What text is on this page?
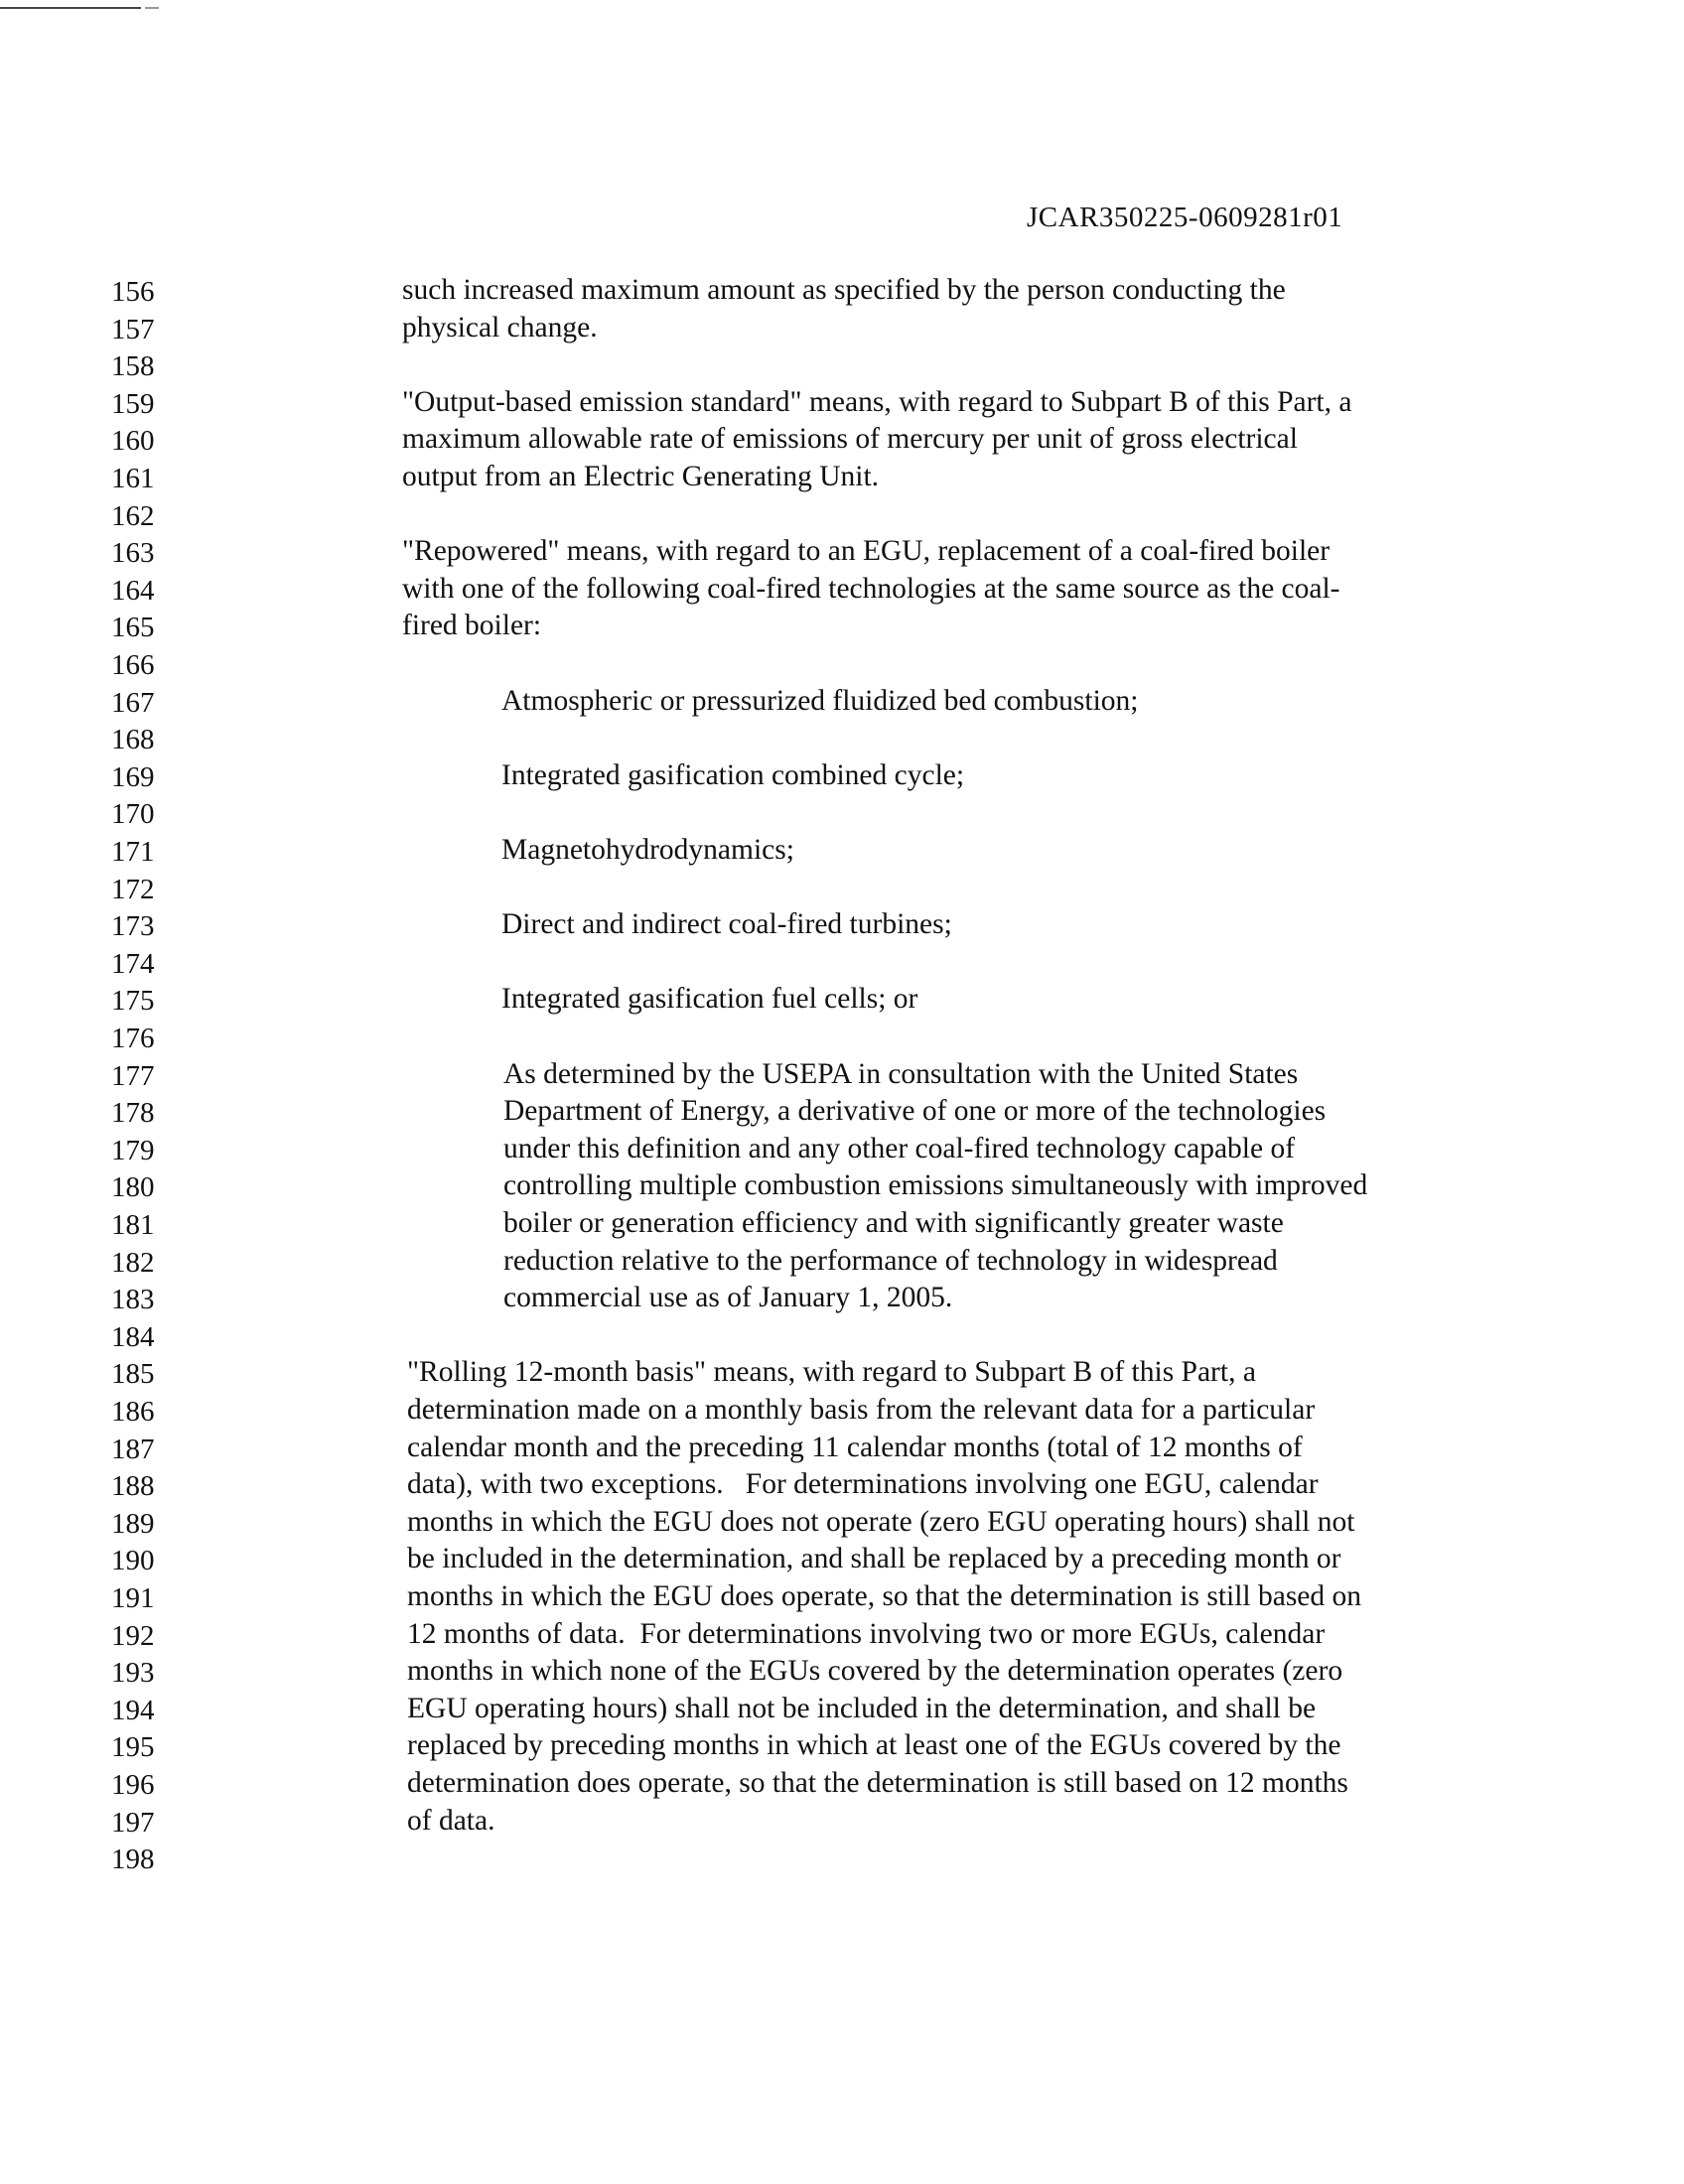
JCAR350225-0609281r01
156
157
158
159
160
161
162
163
164
165
166
167
168
169
170
171
172
173
174
175
176
177
178
179
180
181
182
183
184
185
186
187
188
189
190
191
192
193
194
195
196
197
198
such increased maximum amount as specified by the person conducting the
physical change.
"Output-based emission standard" means, with regard to Subpart B of this Part, a
maximum allowable rate of emissions of mercury per unit of gross electrical
output from an Electric Generating Unit.
"Repowered" means, with regard to an EGU, replacement of a coal-fired boiler
with one of the following coal-fired technologies at the same source as the coal-
fired boiler:
Atmospheric or pressurized fluidized bed combustion;
Integrated gasification combined cycle;
Magnetohydrodynamics;
Direct and indirect coal-fired turbines;
Integrated gasification fuel cells; or
As determined by the USEPA in consultation with the United States
Department of Energy, a derivative of one or more of the technologies
under this definition and any other coal-fired technology capable of
controlling multiple combustion emissions simultaneously with improved
boiler or generation efficiency and with significantly greater waste
reduction relative to the performance of technology in widespread
commercial use as of January 1, 2005.
"Rolling 12-month basis" means, with regard to Subpart B of this Part, a
determination made on a monthly basis from the relevant data for a particular
calendar month and the preceding 11 calendar months (total of 12 months of
data), with two exceptions.   For determinations involving one EGU, calendar
months in which the EGU does not operate (zero EGU operating hours) shall not
be included in the determination, and shall be replaced by a preceding month or
months in which the EGU does operate, so that the determination is still based on
12 months of data.  For determinations involving two or more EGUs, calendar
months in which none of the EGUs covered by the determination operates (zero
EGU operating hours) shall not be included in the determination, and shall be
replaced by preceding months in which at least one of the EGUs covered by the
determination does operate, so that the determination is still based on 12 months
of data.
